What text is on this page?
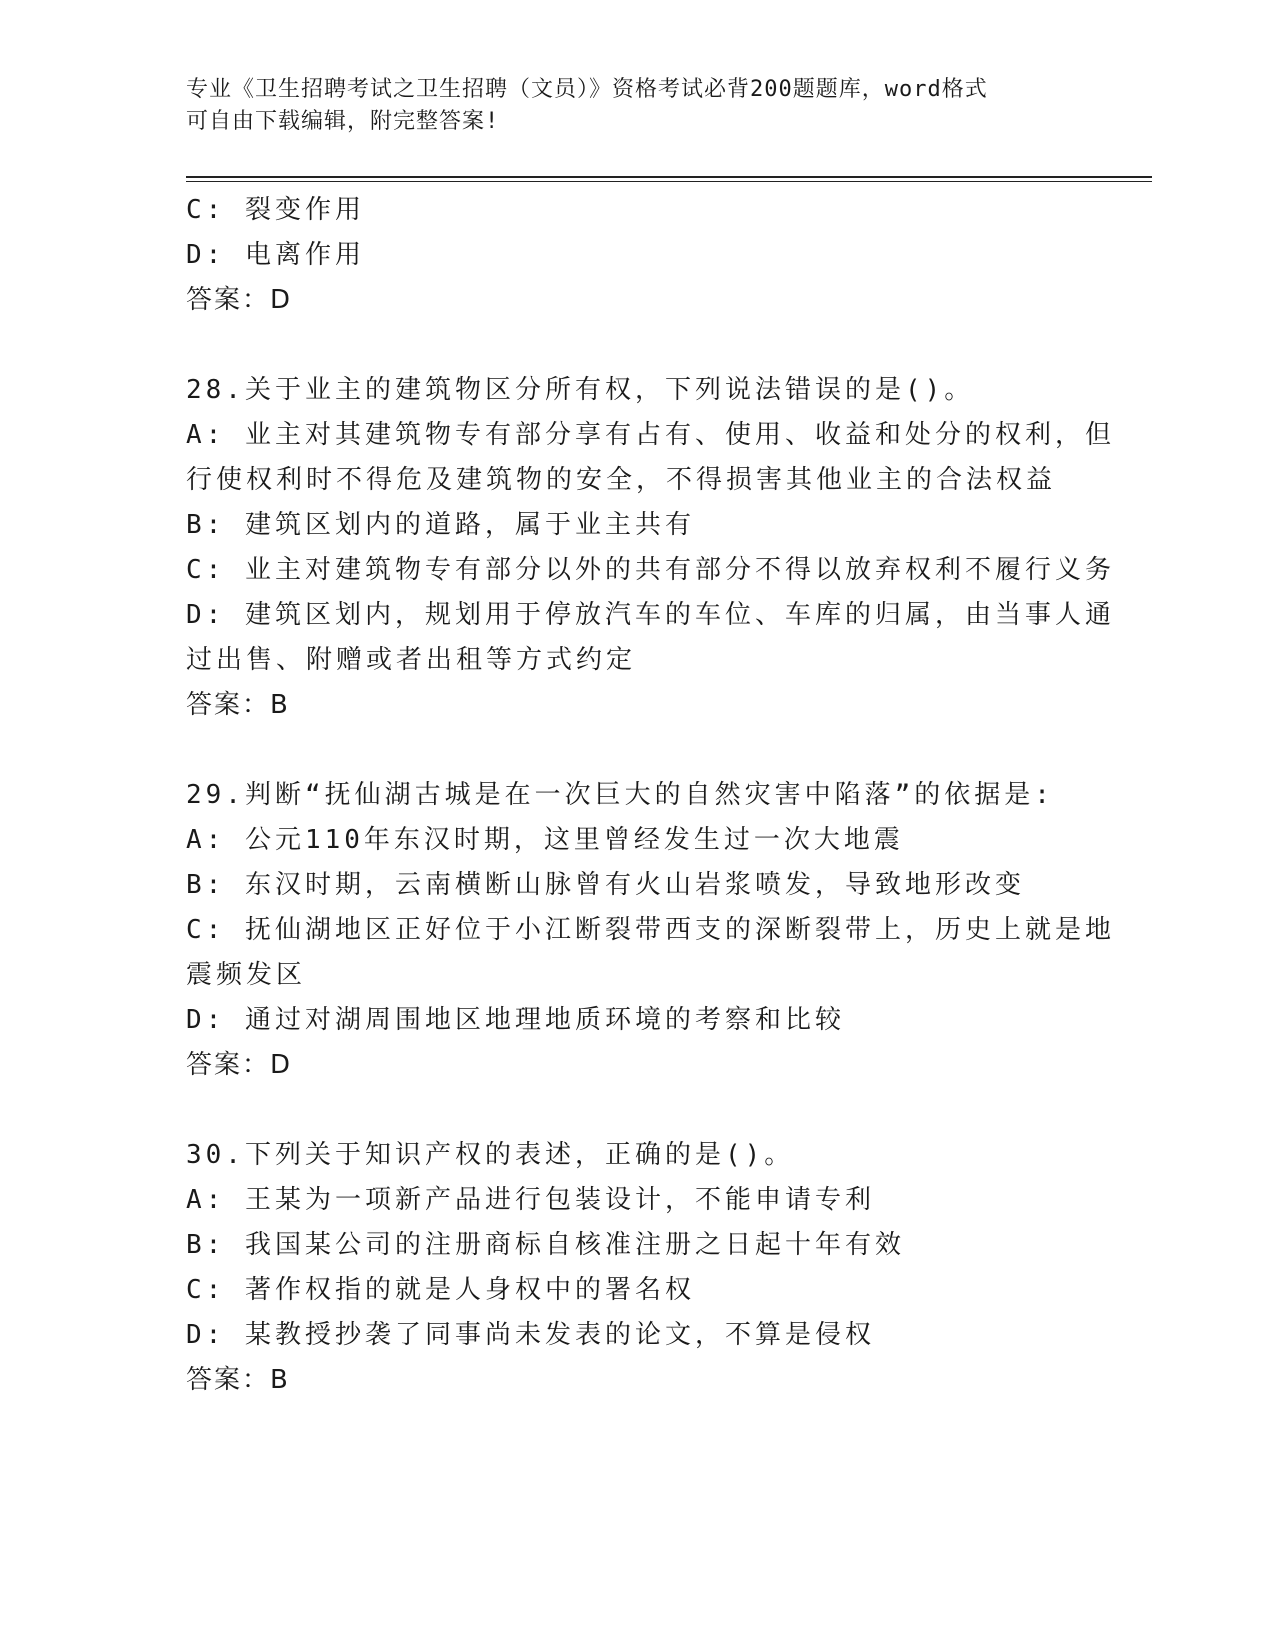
专业《卫生招聘考试之卫生招聘（文员）》资格考试必背200题题库，word格式
可自由下载编辑，附完整答案!
C: 裂变作用
D: 电离作用
答案：D
28.关于业主的建筑物区分所有权，下列说法错误的是()。
A: 业主对其建筑物专有部分享有占有、使用、收益和处分的权利，但
行使权利时不得危及建筑物的安全，不得损害其他业主的合法权益
B: 建筑区划内的道路，属于业主共有
C: 业主对建筑物专有部分以外的共有部分不得以放弃权利不履行义务
D: 建筑区划内，规划用于停放汽车的车位、车库的归属，由当事人通
过出售、附赠或者出租等方式约定
答案：B
29.判断“抚仙湖古城是在一次巨大的自然灾害中陷落”的依据是:
A: 公元110年东汉时期，这里曾经发生过一次大地震
B: 东汉时期，云南横断山脉曾有火山岩浆喷发，导致地形改变
C: 抚仙湖地区正好位于小江断裂带西支的深断裂带上，历史上就是地
震频发区
D: 通过对湖周围地区地理地质环境的考察和比较
答案：D
30.下列关于知识产权的表述，正确的是()。
A: 王某为一项新产品进行包装设计，不能申请专利
B: 我国某公司的注册商标自核准注册之日起十年有效
C: 著作权指的就是人身权中的署名权
D: 某教授抄袭了同事尚未发表的论文，不算是侵权
答案：B
